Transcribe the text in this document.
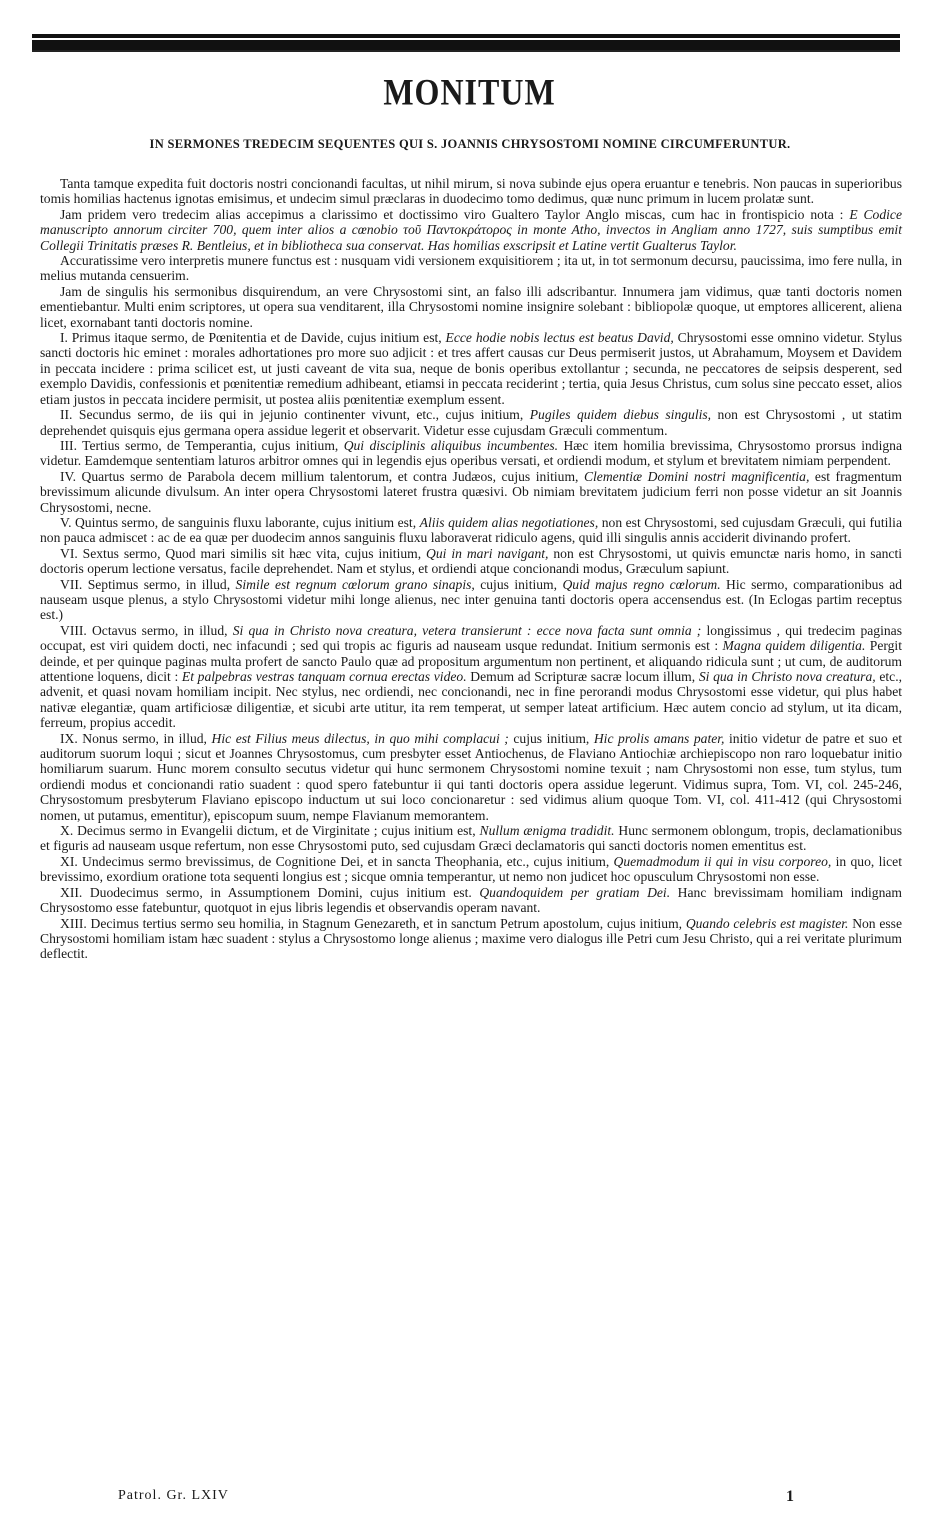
MONITUM
IN SERMONES TREDECIM SEQUENTES QUI S. JOANNIS CHRYSOSTOMI NOMINE CIRCUMFERUNTUR.

Tanta tamque expedita fuit doctoris nostri concionandi facultas, ut nihil mirum, si nova subinde ejus opera eruantur e tenebris. Non paucas in superioribus tomis homilias hactenus ignotas emisimus, et undecim simul præclaras in duodecimo tomo dedimus, quæ nunc primum in lucem prolatæ sunt.

Jam pridem vero tredecim alias accepimus a clarissimo et doctissimo viro Gualtero Taylor Anglo miscas, cum hac in frontispicio nota : E Codice manuscripto annorum circiter 700, quem inter alios a cœnobio τοῦ Παντοκράτορος in monte Atho, invectos in Angliam anno 1727, suis sumptibus emit Collegii Trinitatis præses R. Bentleius, et in bibliotheca sua conservat. Has homilias exscripsit et Latine vertit Gualterus Taylor.

Accuratissime vero interpretis munere functus est : nusquam vidi versionem exquisitiorem ; ita ut, in tot sermonum decursu, paucissima, imo fere nulla, in melius mutanda censuerim.

Jam de singulis his sermonibus disquirendum, an vere Chrysostomi sint, an falso illi adscribantur. Innumera jam vidimus, quæ tanti doctoris nomen ementiebantur. Multi enim scriptores, ut opera sua venditarent, illa Chrysostomi nomine insignire solebant : bibliopolæ quoque, ut emptores allicerent, aliena licet, exornabant tanti doctoris nomine.

I. Primus itaque sermo, de Pœnitentia et de Davide, cujus initium est, Ecce hodie nobis lectus est beatus David, Chrysostomi esse omnino videtur. Stylus sancti doctoris hic eminet : morales adhortationes pro more suo adjicit : et tres affert causas cur Deus permiserit justos, ut Abrahamum, Moysem et Davidem in peccata incidere : prima scilicet est, ut justi caveant de vita sua, neque de bonis operibus extollantur ; secunda, ne peccatores de seipsis desperent, sed exemplo Davidis, confessionis et pœnitentiæ remedium adhibeant, etiamsi in peccata reciderint ; tertia, quia Jesus Christus, cum solus sine peccato esset, alios etiam justos in peccata incidere permisit, ut postea aliis pœnitentiæ exemplum essent.

II. Secundus sermo, de iis qui in jejunio continenter vivunt, etc., cujus initium, Pugiles quidem diebus singulis, non est Chrysostomi , ut statim deprehendet quisquis ejus germana opera assidue legerit et observarit. Videtur esse cujusdam Græculi commentum.

III. Tertius sermo, de Temperantia, cujus initium, Qui disciplinis aliquibus incumbentes. Hæc item homilia brevissima, Chrysostomo prorsus indigna videtur. Eamdemque sententiam laturos arbitror omnes qui in legendis ejus operibus versati, et ordiendi modum, et stylum et brevitatem nimiam perpendent.

IV. Quartus sermo de Parabola decem millium talentorum, et contra Judæos, cujus initium, Clementiæ Domini nostri magnificentia, est fragmentum brevissimum alicunde divulsum. An inter opera Chrysostomi lateret frustra quæsivi. Ob nimiam brevitatem judicium ferri non posse videtur an sit Joannis Chrysostomi, necne.

V. Quintus sermo, de sanguinis fluxu laborante, cujus initium est, Aliis quidem alias negotiationes, non est Chrysostomi, sed cujusdam Græculi, qui futilia non pauca admiscet : ac de ea quæ per duodecim annos sanguinis fluxu laboraverat ridiculo agens, quid illi singulis annis acciderit divinando profert.

VI. Sextus sermo, Quod mari similis sit hæc vita, cujus initium, Qui in mari navigant, non est Chrysostomi, ut quivis emunctæ naris homo, in sancti doctoris operum lectione versatus, facile deprehendet. Nam et stylus, et ordiendi atque concionandi modus, Græculum sapiunt.

VII. Septimus sermo, in illud, Simile est regnum cœlorum grano sinapis, cujus initium, Quid majus regno cœlorum. Hic sermo, comparationibus ad nauseam usque plenus, a stylo Chrysostomi videtur mihi longe alienus, nec inter genuina tanti doctoris opera accensendus est. (In Eclogas partim receptus est.)

VIII. Octavus sermo, in illud, Si qua in Christo nova creatura, vetera transierunt : ecce nova facta sunt omnia ; longissimus , qui tredecim paginas occupat, est viri quidem docti, nec infacundi ; sed qui tropis ac figuris ad nauseam usque redundat. Initium sermonis est : Magna quidem diligentia. Pergit deinde, et per quinque paginas multa profert de sancto Paulo quæ ad propositum argumentum non pertinent, et aliquando ridicula sunt ; ut cum, de auditorum attentione loquens, dicit : Et palpebras vestras tanquam cornua erectas video. Demum ad Scripturæ sacræ locum illum, Si qua in Christo nova creatura, etc., advenit, et quasi novam homiliam incipit. Nec stylus, nec ordiendi, nec concionandi, nec in fine perorandi modus Chrysostomi esse videtur, qui plus habet nativæ elegantiæ, quam artificiosæ diligentiæ, et sicubi arte utitur, ita rem temperat, ut semper lateat artificium. Hæc autem concio ad stylum, ut ita dicam, ferreum, propius accedit.

IX. Nonus sermo, in illud, Hic est Filius meus dilectus, in quo mihi complacui ; cujus initium, Hic prolis amans pater, initio videtur de patre et suo et auditorum suorum loqui ; sicut et Joannes Chrysostomus, cum presbyter esset Antiochenus, de Flaviano Antiochiæ archiepiscopo non raro loquebatur initio homiliarum suarum. Hunc morem consulto secutus videtur qui hunc sermonem Chrysostomi nomine texuit ; nam Chrysostomi non esse, tum stylus, tum ordiendi modus et concionandi ratio suadent : quod spero fatebuntur ii qui tanti doctoris opera assidue legerunt. Vidimus supra, Tom. VI, col. 245-246, Chrysostomum presbyterum Flaviano episcopo inductum ut sui loco concionaretur : sed vidimus alium quoque Tom. VI, col. 411-412 (qui Chrysostomi nomen, ut putamus, ementitur), episcopum suum, nempe Flavianum memorantem.

X. Decimus sermo in Evangelii dictum, et de Virginitate ; cujus initium est, Nullum ænigma tradidit. Hunc sermonem oblongum, tropis, declamationibus et figuris ad nauseam usque refertum, non esse Chrysostomi puto, sed cujusdam Græci declamatoris qui sancti doctoris nomen ementitus est.

XI. Undecimus sermo brevissimus, de Cognitione Dei, et in sancta Theophania, etc., cujus initium, Quemadmodum ii qui in visu corporeo, in quo, licet brevissimo, exordium oratione tota sequenti longius est ; sicque omnia temperantur, ut nemo non judicet hoc opusculum Chrysostomi non esse.

XII. Duodecimus sermo, in Assumptionem Domini, cujus initium est. Quandoquidem per gratiam Dei. Hanc brevissimam homiliam indignam Chrysostomo esse fatebuntur, quotquot in ejus libris legendis et observandis operam navant.

XIII. Decimus tertius sermo seu homilia, in Stagnum Genezareth, et in sanctum Petrum apostolum, cujus initium, Quando celebris est magister. Non esse Chrysostomi homiliam istam hæc suadent : stylus a Chrysostomo longe alienus ; maxime vero dialogus ille Petri cum Jesu Christo, qui a rei veritate plurimum deflectit.

Patrol. Gr. LXIV	1
